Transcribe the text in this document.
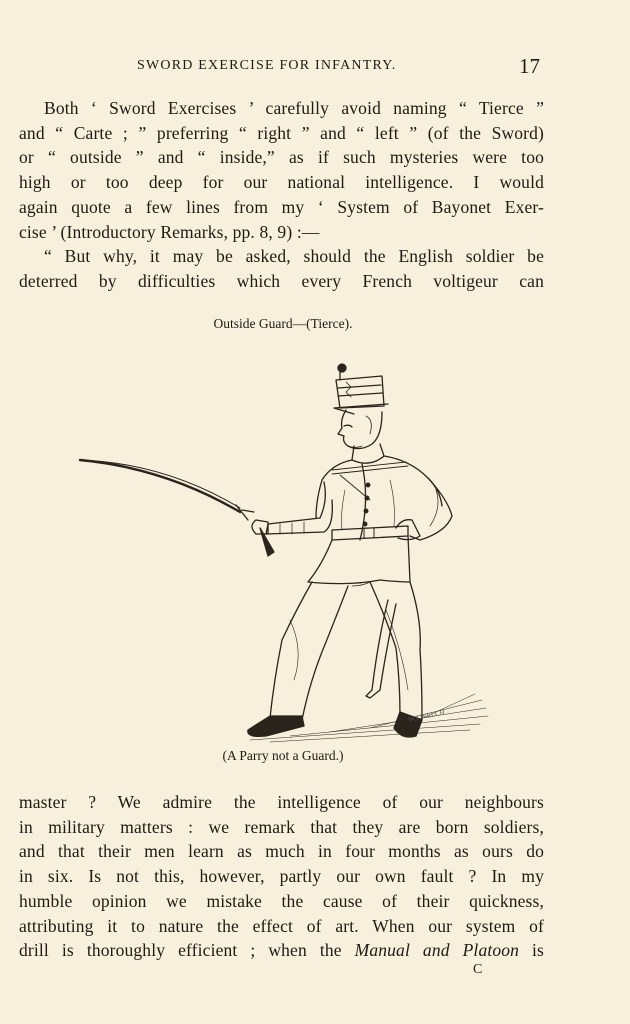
SWORD EXERCISE FOR INFANTRY.	17
Both ‘ Sword Exercises ’ carefully avoid naming “ Tierce ”
and “ Carte ; ” preferring “ right ” and “ left ” (of the Sword)
or “ outside ” and “ inside,” as if such mysteries were too
high or too deep for our national intelligence. I would
again quote a few lines from my ‘ System of Bayonet Exer-
cise ’ (Introductory Remarks, pp. 8, 9) :—
“ But why, it may be asked, should the English soldier be
deterred by difficulties which every French voltigeur can
Outside Guard—(Tierce).
W.J.WELCH
(A Parry not a Guard.)
master ? We admire the intelligence of our neighbours
in military matters : we remark that they are born soldiers,
and that their men learn as much in four months as ours do
in six. Is not this, however, partly our own fault ? In my
humble opinion we mistake the cause of their quickness,
attributing it to nature the effect of art. When our system of
drill is thoroughly efficient ; when the Manual and Platoon is
C
